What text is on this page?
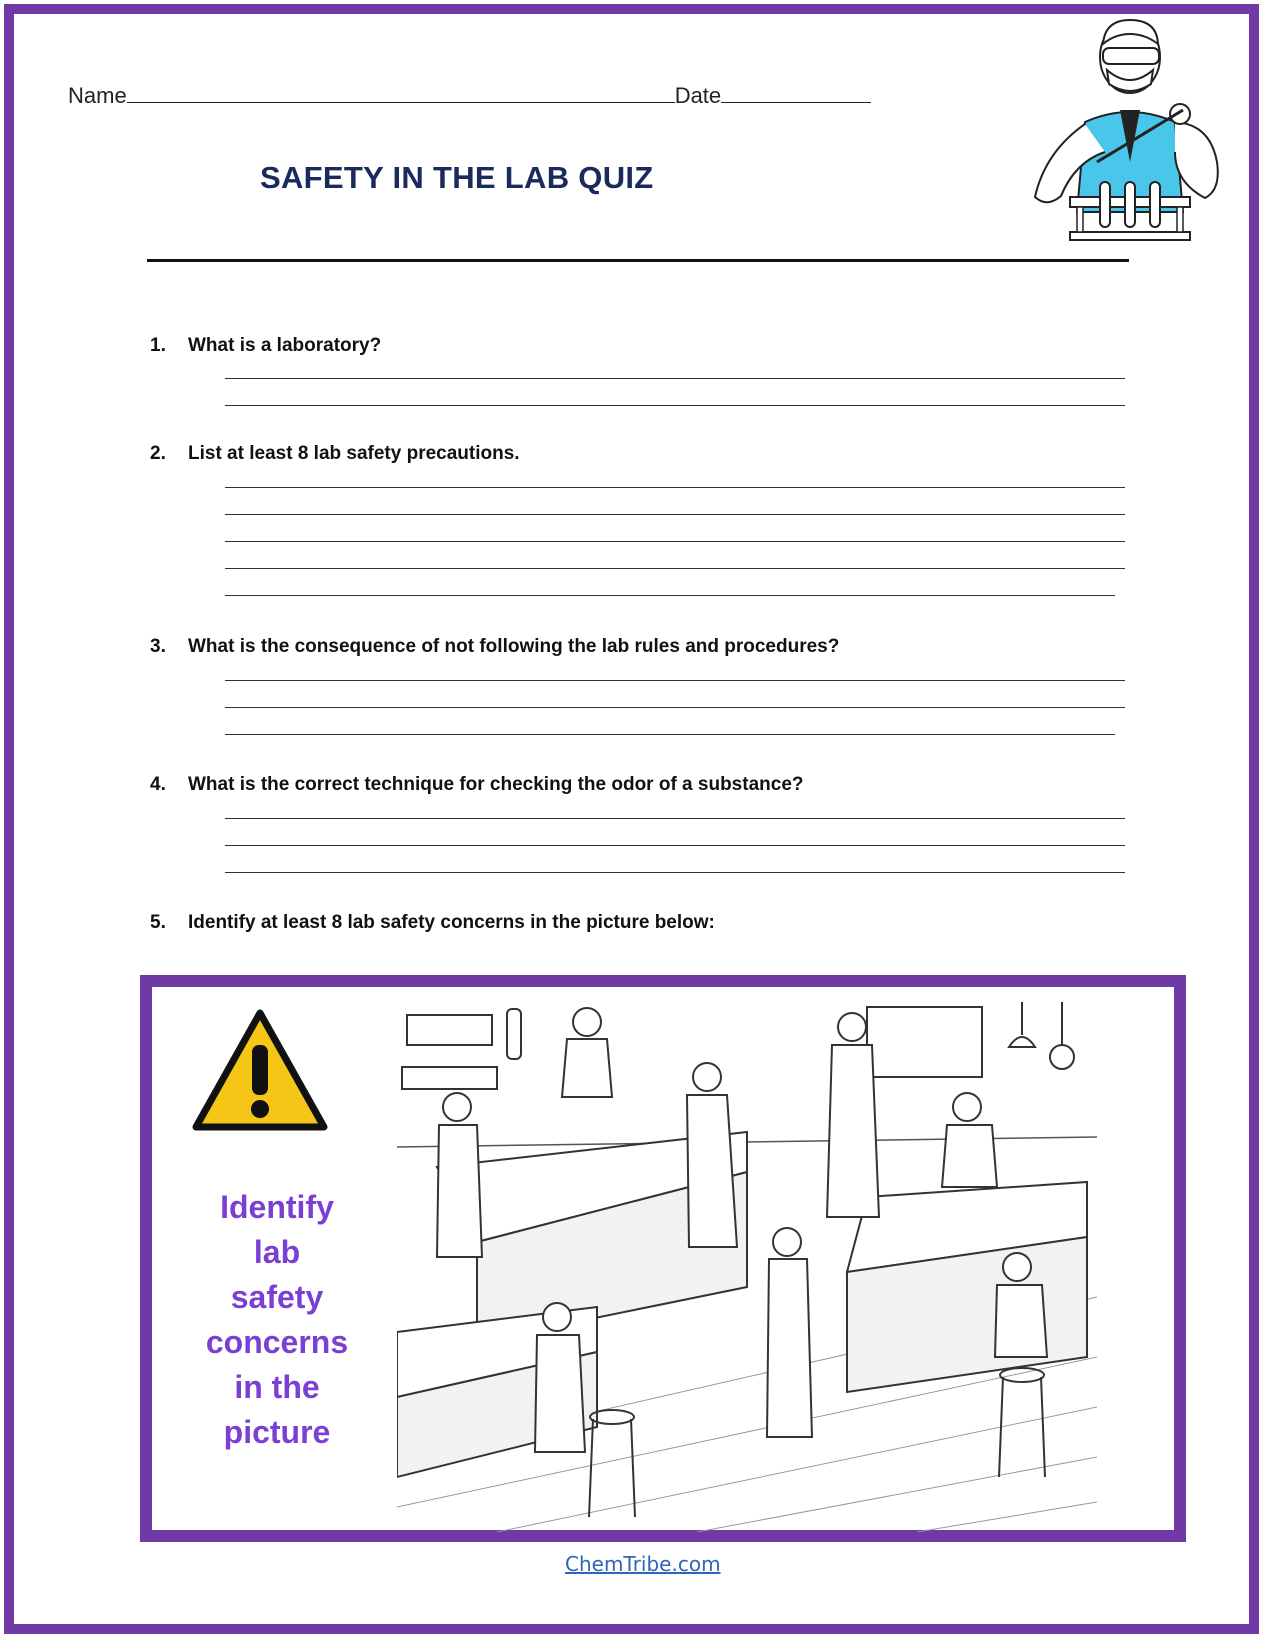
Name	Date
SAFETY IN THE LAB QUIZ
1. What is a laboratory?
2. List at least 8 lab safety precautions.
3. What is the consequence of not following the lab rules and procedures?
4. What is the correct technique for checking the odor of a substance?
5. Identify at least 8 lab safety concerns in the picture below:
Identify
lab
safety
concerns
in the
picture
ChemTribe.com
